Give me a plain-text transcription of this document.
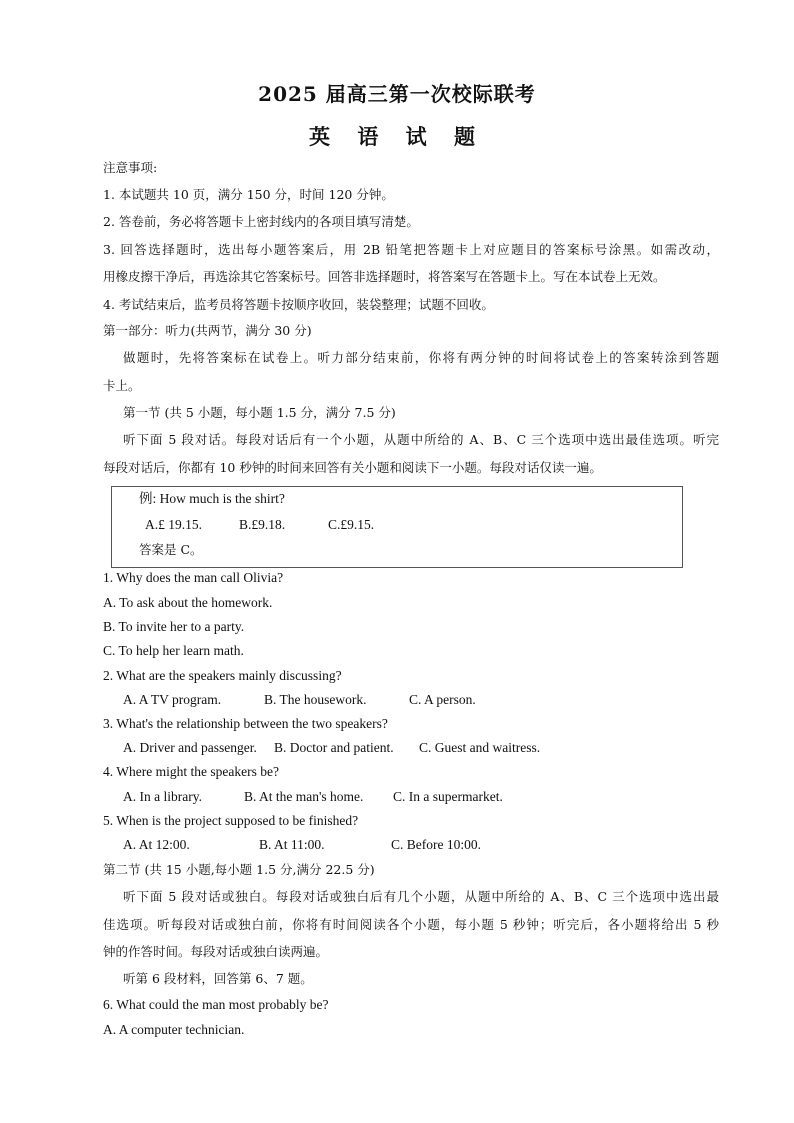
2025 届高三第一次校际联考
英 语 试 题
注意事项:
1. 本试题共 10 页，满分 150 分，时间 120 分钟。
2. 答卷前，务必将答题卡上密封线内的各项目填写清楚。
3. 回答选择题时，选出每小题答案后，用 2B 铅笔把答题卡上对应题目的答案标号涂黑。如需改动，
用橡皮擦干净后，再选涂其它答案标号。回答非选择题时，将答案写在答题卡上。写在本试卷上无效。
4. 考试结束后，监考员将答题卡按顺序收回，装袋整理；试题不回收。
第一部分：听力(共两节，满分 30 分)
做题时，先将答案标在试卷上。听力部分结束前，你将有两分钟的时间将试卷上的答案转涂到答题
卡上。
第一节 (共 5 小题，每小题 1.5 分，满分 7.5 分)
听下面 5 段对话。每段对话后有一个小题，从题中所给的 A、B、C 三个选项中选出最佳选项。听完
每段对话后，你都有 10 秒钟的时间来回答有关小题和阅读下一小题。每段对话仅读一遍。
例: How much is the shirt?
A.£ 19.15.	B.£9.18.	C.£9.15.
答案是 C。
1. Why does the man call Olivia?
A. To ask about the homework.
B. To invite her to a party.
C. To help her learn math.
2. What are the speakers mainly discussing?
A. A TV program.	B. The housework.	C. A person.
3. What's the relationship between the two speakers?
A. Driver and passenger. B. Doctor and patient. C. Guest and waitress.
4. Where might the speakers be?
A. In a library.	B. At the man's home. C. In a supermarket.
5. When is the project supposed to be finished?
A. At 12:00.	B. At 11:00.	C. Before 10:00.
第二节 (共 15 小题,每小题 1.5 分,满分 22.5 分)
听下面 5 段对话或独白。每段对话或独白后有几个小题，从题中所给的 A、B、C 三个选项中选出最
佳选项。听每段对话或独白前，你将有时间阅读各个小题，每小题 5 秒钟；听完后，各小题将给出 5 秒
钟的作答时间。每段对话或独白读两遍。
听第 6 段材料，回答第 6、7 题。
6. What could the man most probably be?
A. A computer technician.
